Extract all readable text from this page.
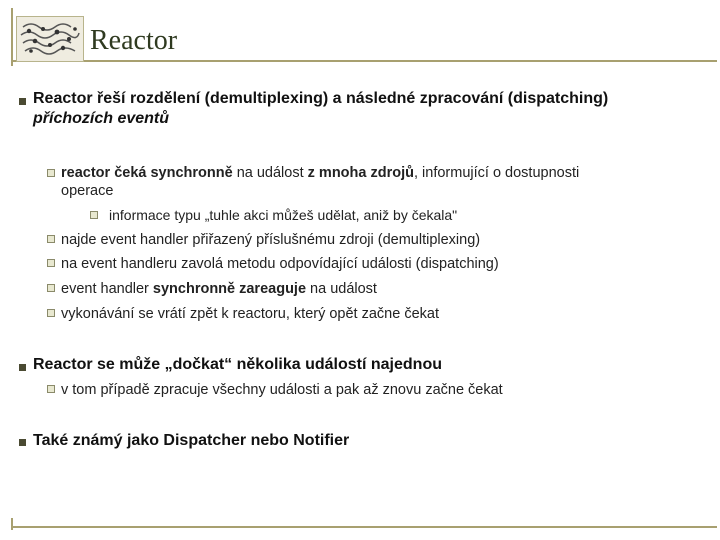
Reactor
Reactor řeší rozdělení (demultiplexing) a následné zpracování (dispatching)
příchozích eventů
reactor čeká synchronně na událost z mnoha zdrojů, informující o dostupnosti
operace
informace typu „tuhle akci můžeš udělat, aniž by čekala"
najde event handler přiřazený příslušnému zdroji (demultiplexing)
na event handleru zavolá metodu odpovídající události (dispatching)
event handler synchronně zareaguje na událost
vykonávání se vrátí zpět k reactoru, který opět začne čekat
Reactor se může „dočkat“ několika událostí najednou
v tom případě zpracuje všechny události a pak až znovu začne čekat
Také známý jako Dispatcher nebo Notifier
